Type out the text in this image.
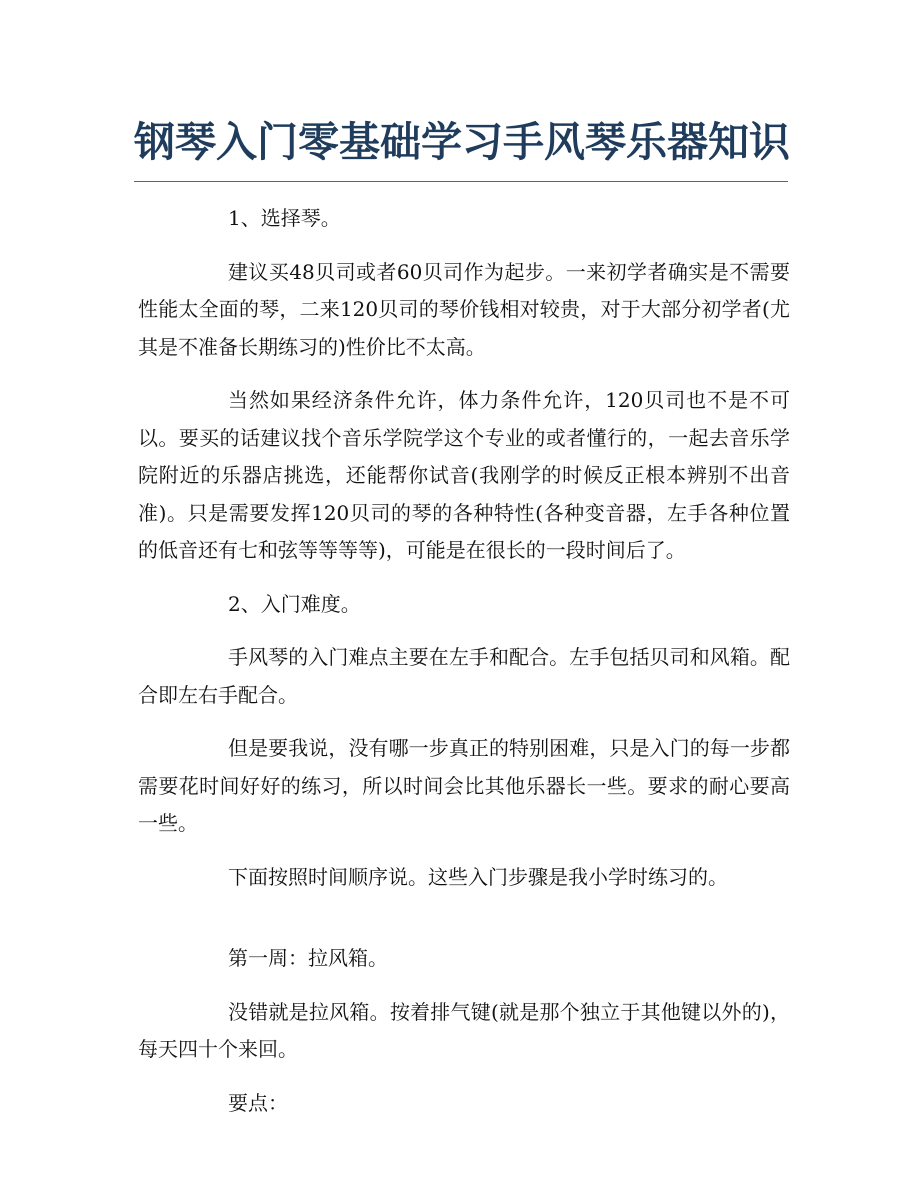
钢琴入门零基础学习手风琴乐器知识

1、选择琴。

建议买48贝司或者60贝司作为起步。一来初学者确实是不需要性能太全面的琴，二来120贝司的琴价钱相对较贵，对于大部分初学者(尤其是不准备长期练习的)性价比不太高。

当然如果经济条件允许，体力条件允许，120贝司也不是不可以。要买的话建议找个音乐学院学这个专业的或者懂行的，一起去音乐学院附近的乐器店挑选，还能帮你试音(我刚学的时候反正根本辨别不出音准)。只是需要发挥120贝司的琴的各种特性(各种变音器，左手各种位置的低音还有七和弦等等等等)，可能是在很长的一段时间后了。

2、入门难度。

手风琴的入门难点主要在左手和配合。左手包括贝司和风箱。配合即左右手配合。

但是要我说，没有哪一步真正的特别困难，只是入门的每一步都需要花时间好好的练习，所以时间会比其他乐器长一些。要求的耐心要高一些。

下面按照时间顺序说。这些入门步骤是我小学时练习的。

第一周：拉风箱。

没错就是拉风箱。按着排气键(就是那个独立于其他键以外的)，每天四十个来回。

要点：
